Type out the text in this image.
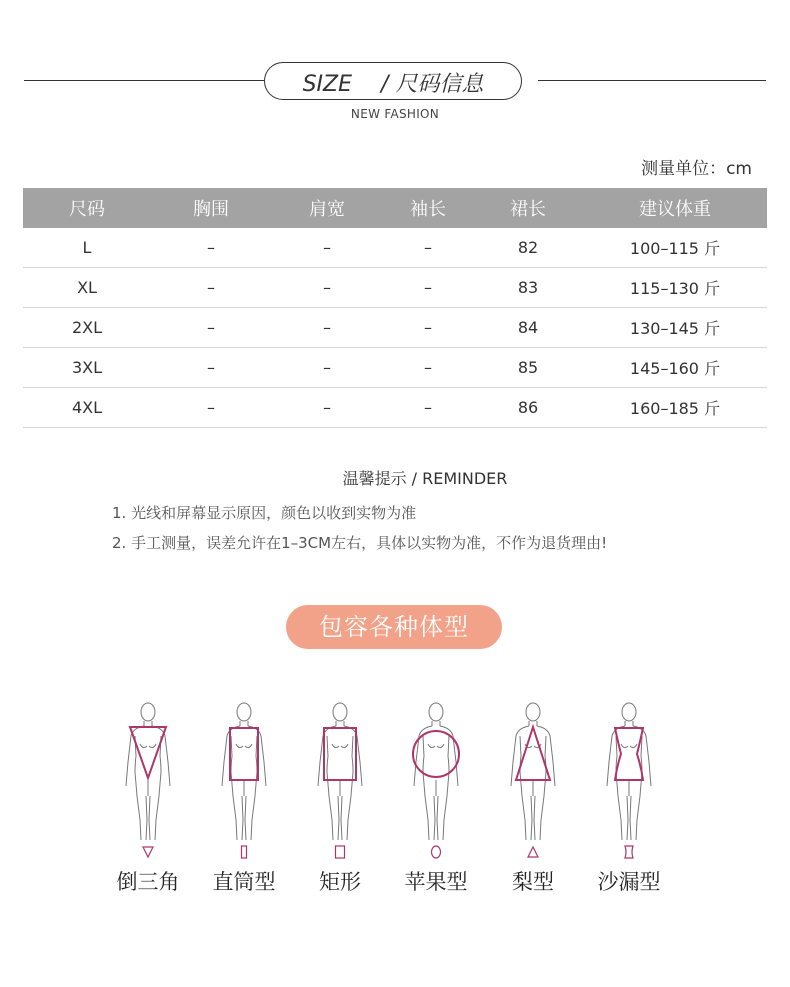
SIZE / 尺码信息
NEW FASHION
测量单位：cm
尺码	胸围	肩宽	袖长	裙长	建议体重
L	–	–	–	82	100–115 斤
XL	–	–	–	83	115–130 斤
2XL	–	–	–	84	130–145 斤
3XL	–	–	–	85	145–160 斤
4XL	–	–	–	86	160–185 斤
温馨提示 / REMINDER
1. 光线和屏幕显示原因，颜色以收到实物为准
2. 手工测量，误差允许在1–3CM左右，具体以实物为准，不作为退货理由!
包容各种体型
倒三角	直筒型	矩形	苹果型	梨型	沙漏型
